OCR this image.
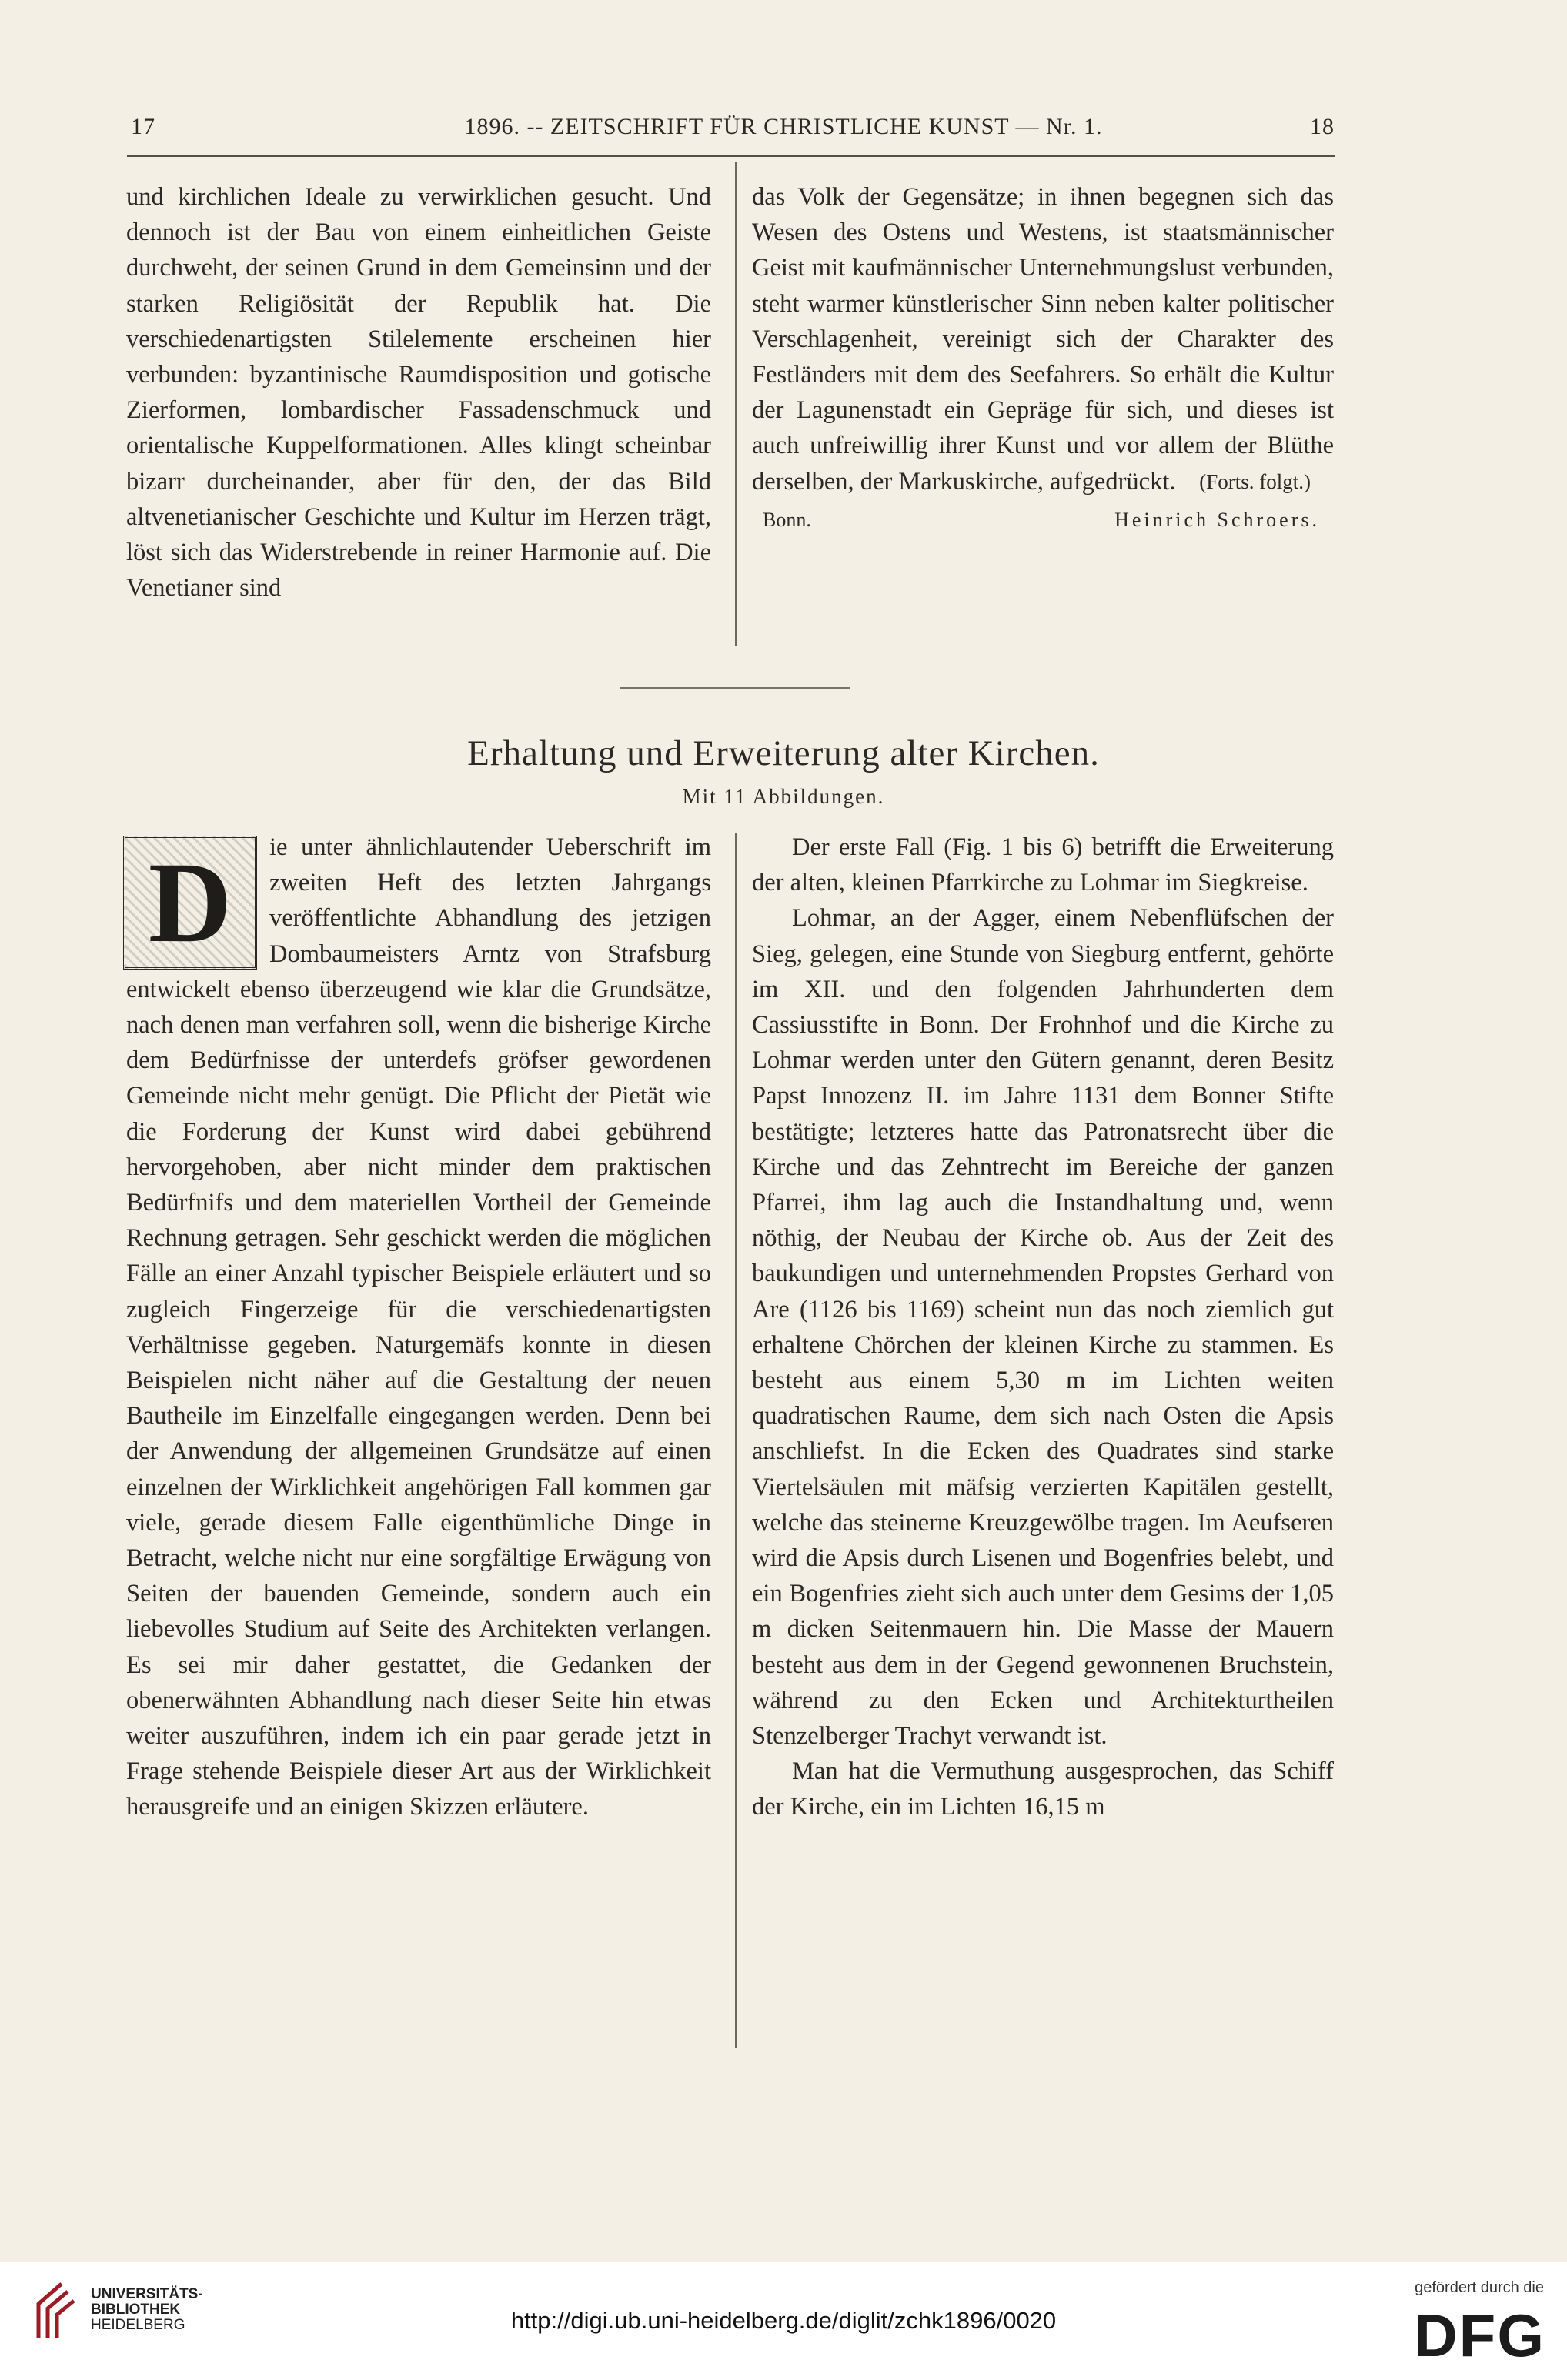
17	1896. -- ZEITSCHRIFT FÜR CHRISTLICHE KUNST — Nr. 1.	18

und kirchlichen Ideale zu verwirklichen gesucht. Und dennoch ist der Bau von einem einheitlichen Geiste durchweht, der seinen Grund in dem Gemeinsinn und der starken Religiösität der Republik hat. Die verschiedenartigsten Stilelemente erscheinen hier verbunden: byzantinische Raumdisposition und gotische Zierformen, lombardischer Fassadenschmuck und orientalische Kuppelformationen. Alles klingt scheinbar bizarr durcheinander, aber für den, der das Bild altvenetianischer Geschichte und Kultur im Herzen trägt, löst sich das Widerstrebende in reiner Harmonie auf. Die Venetianer sind

das Volk der Gegensätze; in ihnen begegnen sich das Wesen des Ostens und Westens, ist staatsmännischer Geist mit kaufmännischer Unternehmungslust verbunden, steht warmer künstlerischer Sinn neben kalter politischer Verschlagenheit, vereinigt sich der Charakter des Festländers mit dem des Seefahrers. So erhält die Kultur der Lagunenstadt ein Gepräge für sich, und dieses ist auch unfreiwillig ihrer Kunst und vor allem der Blüthe derselben, der Markuskirche, aufgedrückt.	(Forts. folgt.)
Bonn.	Heinrich Schroers.
Erhaltung und Erweiterung alter Kirchen.
Mit 11 Abbildungen.
D	ie unter ähnlichlautender Ueberschrift im zweiten Heft des letzten Jahrgangs veröffentlichte Abhandlung des jetzigen Dombaumeisters Arntz von Strafsburg entwickelt ebenso überzeugend wie klar die Grundsätze, nach denen man verfahren soll, wenn die bisherige Kirche dem Bedürfnisse der unterdefs gröfser gewordenen Gemeinde nicht mehr genügt. Die Pflicht der Pietät wie die Forderung der Kunst wird dabei gebührend hervorgehoben, aber nicht minder dem praktischen Bedürfnifs und dem materiellen Vortheil der Gemeinde Rechnung getragen. Sehr geschickt werden die möglichen Fälle an einer Anzahl typischer Beispiele erläutert und so zugleich Fingerzeige für die verschiedenartigsten Verhältnisse gegeben. Naturgemäfs konnte in diesen Beispielen nicht näher auf die Gestaltung der neuen Bautheile im Einzelfalle eingegangen werden. Denn bei der Anwendung der allgemeinen Grundsätze auf einen einzelnen der Wirklichkeit angehörigen Fall kommen gar viele, gerade diesem Falle eigenthümliche Dinge in Betracht, welche nicht nur eine sorgfältige Erwägung von Seiten der bauenden Gemeinde, sondern auch ein liebevolles Studium auf Seite des Architekten verlangen. Es sei mir daher gestattet, die Gedanken der obenerwähnten Abhandlung nach dieser Seite hin etwas weiter auszuführen, indem ich ein paar gerade jetzt in Frage stehende Beispiele dieser Art aus der Wirklichkeit herausgreife und an einigen Skizzen erläutere.

Der erste Fall (Fig. 1 bis 6) betrifft die Erweiterung der alten, kleinen Pfarrkirche zu Lohmar im Siegkreise.

Lohmar, an der Agger, einem Nebenflüfschen der Sieg, gelegen, eine Stunde von Siegburg entfernt, gehörte im XII. und den folgenden Jahrhunderten dem Cassiusstifte in Bonn. Der Frohnhof und die Kirche zu Lohmar werden unter den Gütern genannt, deren Besitz Papst Innozenz II. im Jahre 1131 dem Bonner Stifte bestätigte; letzteres hatte das Patronatsrecht über die Kirche und das Zehntrecht im Bereiche der ganzen Pfarrei, ihm lag auch die Instandhaltung und, wenn nöthig, der Neubau der Kirche ob. Aus der Zeit des baukundigen und unternehmenden Propstes Gerhard von Are (1126 bis 1169) scheint nun das noch ziemlich gut erhaltene Chörchen der kleinen Kirche zu stammen. Es besteht aus einem 5,30 m im Lichten weiten quadratischen Raume, dem sich nach Osten die Apsis anschliefst. In die Ecken des Quadrates sind starke Viertelsäulen mit mäfsig verzierten Kapitälen gestellt, welche das steinerne Kreuzgewölbe tragen. Im Aeufseren wird die Apsis durch Lisenen und Bogenfries belebt, und ein Bogenfries zieht sich auch unter dem Gesims der 1,05 m dicken Seitenmauern hin. Die Masse der Mauern besteht aus dem in der Gegend gewonnenen Bruchstein, während zu den Ecken und Architekturtheilen Stenzelberger Trachyt verwandt ist.

Man hat die Vermuthung ausgesprochen, das Schiff der Kirche, ein im Lichten 16,15 m

UNIVERSITÄTS-
BIBLIOTHEK
HEIDELBERG	http://digi.ub.uni-heidelberg.de/diglit/zchk1896/0020
gefördert durch die
DFG
